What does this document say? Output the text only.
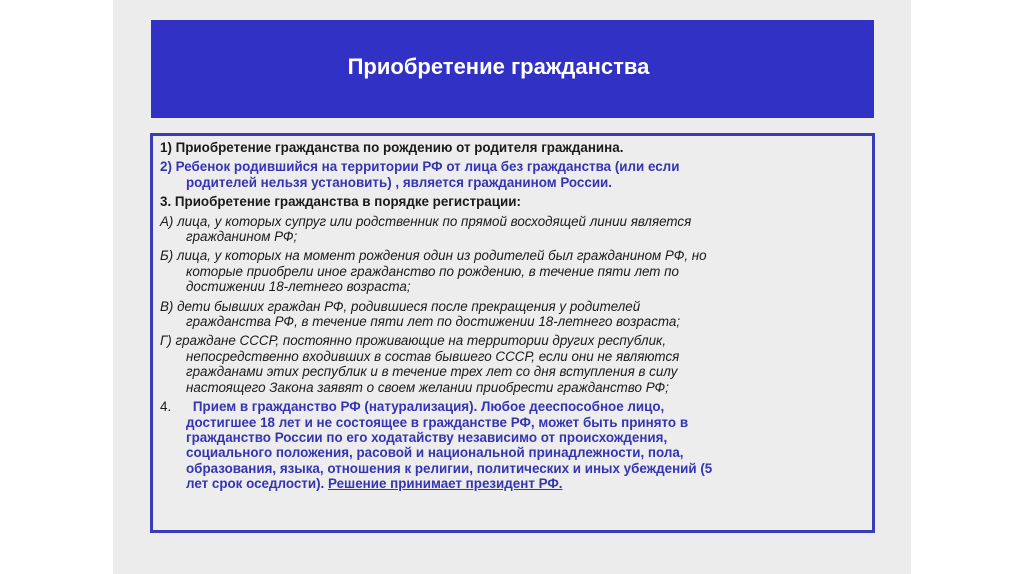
Приобретение гражданства

1) Приобретение гражданства по рождению от родителя гражданина.

2) Ребенок родившийся на территории РФ от лица без гражданства (или если
родителей нельзя установить) , является гражданином России.

3. Приобретение гражданства в порядке регистрации:

А) лица, у которых супруг или родственник по прямой восходящей линии является
гражданином РФ;
Б) лица, у которых на момент рождения один из родителей был гражданином РФ, но
которые приобрели иное гражданство по рождению, в течение пяти лет по
достижении 18-летнего возраста;
В) дети бывших граждан РФ, родившиеся после прекращения у родителей
гражданства РФ, в течение пяти лет по достижении 18-летнего возраста;
Г) граждане СССР, постоянно проживающие на территории других республик,
непосредственно входивших в состав бывшего СССР, если они не являются
гражданами этих республик и в течение трех лет со дня вступления в силу
настоящего Закона заявят о своем желании приобрести гражданство РФ;
4. Прием в гражданство РФ (натурализация). Любое дееспособное лицо,
достигшее 18 лет и не состоящее в гражданстве РФ, может быть принято в
гражданство России по его ходатайству независимо от происхождения,
социального положения, расовой и национальной принадлежности, пола,
образования, языка, отношения к религии, политических и иных убеждений (5
лет срок оседлости). Решение принимает президент РФ.
